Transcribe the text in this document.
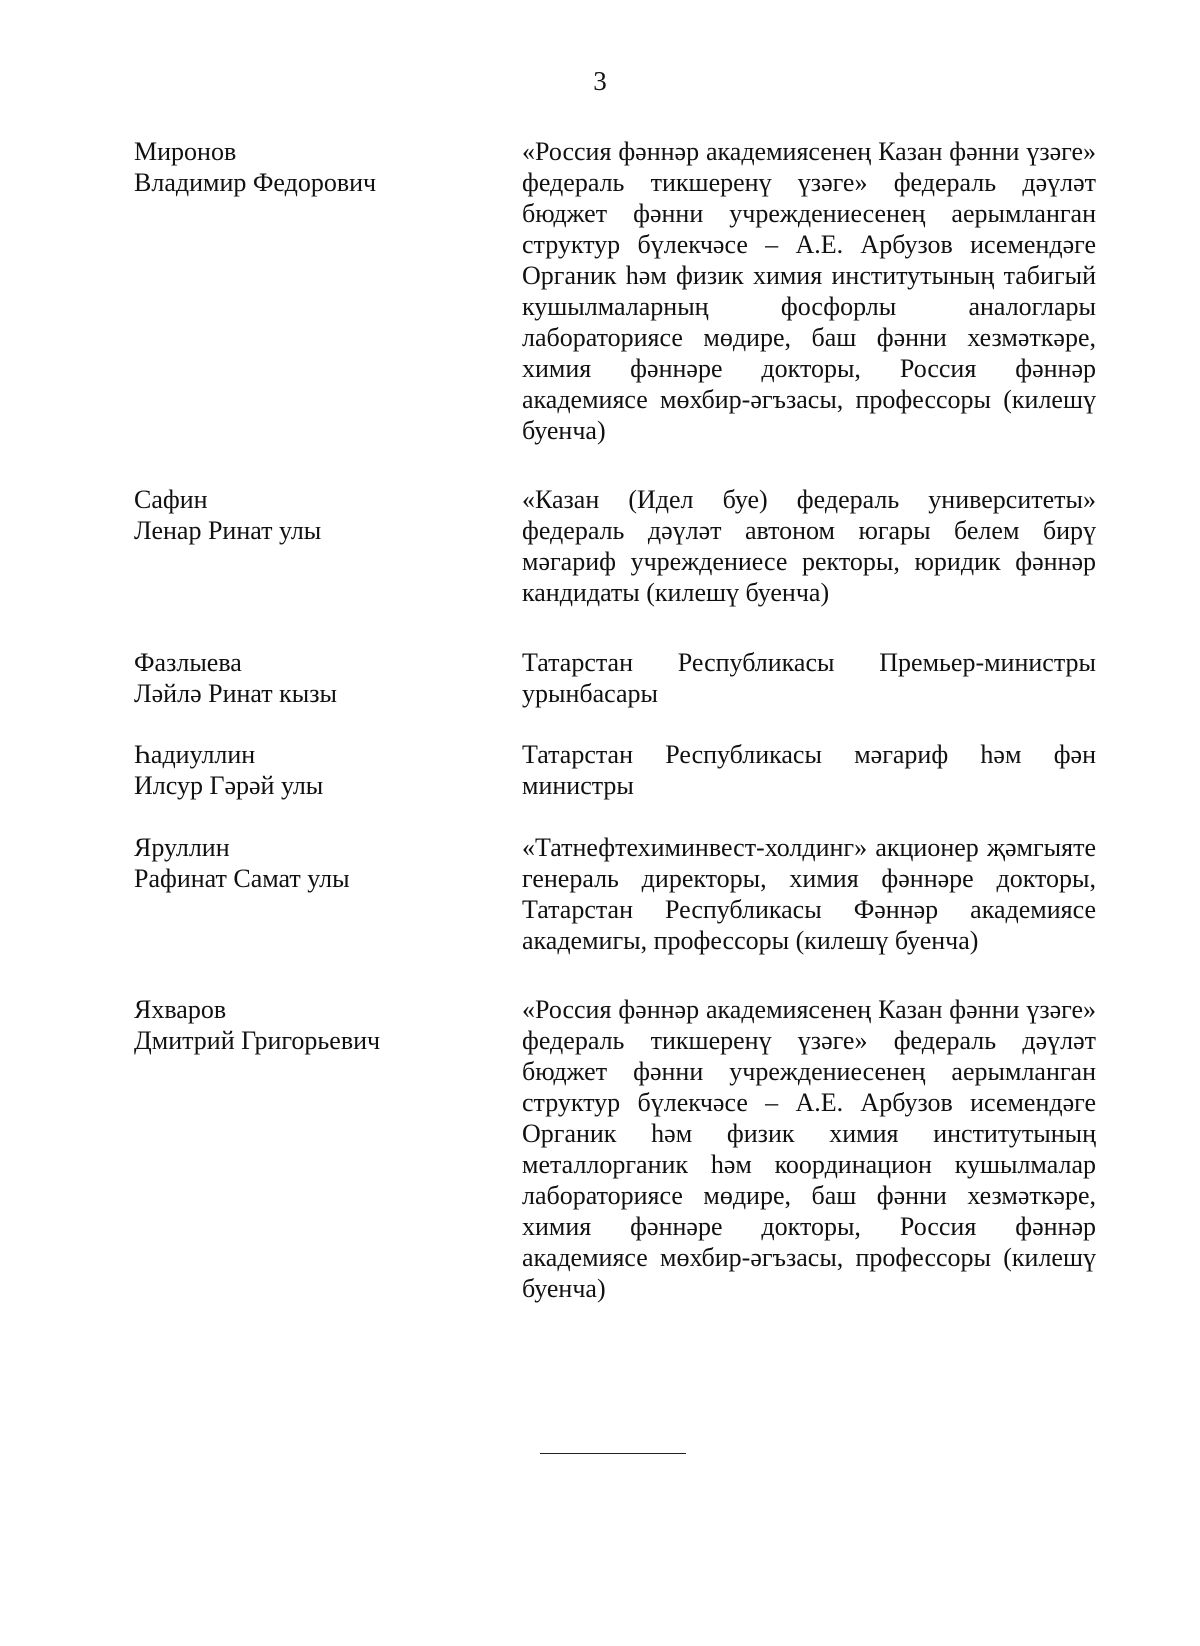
3
Миронов
Владимир Федорович
«Россия фәннәр академиясенең Казан фәнни үзәге» федераль тикшеренү үзәге» федераль дәүләт бюджет фәнни учреждениесенең аерымланган структур бүлекчәсе – А.Е. Арбузов исемендәге Органик һәм физик химия институтының табигый кушылмаларның фосфорлы аналоглары лабораториясе мөдире, баш фәнни хезмәткәре, химия фәннәре докторы, Россия фәннәр академиясе мөхбир-әгъзасы, профессоры (килешү буенча)
Сафин
Ленар Ринат улы
«Казан (Идел буе) федераль университеты» федераль дәүләт автоном югары белем бирү мәгариф учреждениесе ректоры, юридик фәннәр кандидаты (килешү буенча)
Фазлыева
Ләйлә Ринат кызы
Татарстан Республикасы Премьер-министры урынбасары
Һадиуллин
Илсур Гәрәй улы
Татарстан Республикасы мәгариф һәм фән министры
Яруллин
Рафинат Самат улы
«Татнефтехиминвест-холдинг» акционер җәмгыяте генераль директоры, химия фәннәре докторы, Татарстан Республикасы Фәннәр академиясе академигы, профессоры (килешү буенча)
Яхваров
Дмитрий Григорьевич
«Россия фәннәр академиясенең Казан фәнни үзәге» федераль тикшеренү үзәге» федераль дәүләт бюджет фәнни учреждениесенең аерымланган структур бүлекчәсе – А.Е. Арбузов исемендәге Органик һәм физик химия институтының металлорганик һәм координацион кушылмалар лабораториясе мөдире, баш фәнни хезмәткәре, химия фәннәре докторы, Россия фәннәр академиясе мөхбир-әгъзасы, профессоры (килешү буенча)
